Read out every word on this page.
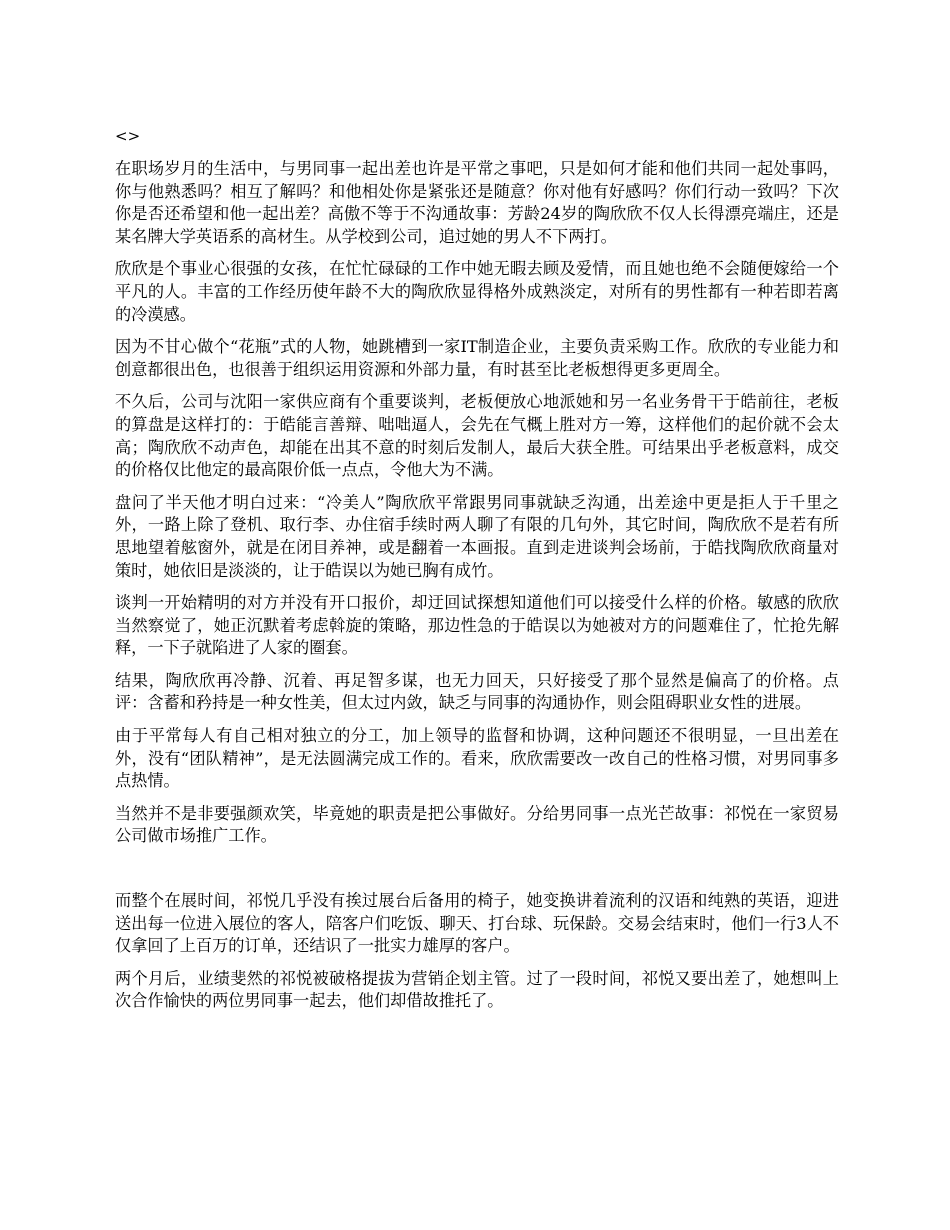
<>

在职场岁月的生活中，与男同事一起出差也许是平常之事吧，只是如何才能和他们共同一起处事吗，你与他熟悉吗？相互了解吗？和他相处你是紧张还是随意？你对他有好感吗？你们行动一致吗？下次你是否还希望和他一起出差？高傲不等于不沟通故事：芳龄24岁的陶欣欣不仅人长得漂亮端庄，还是某名牌大学英语系的高材生。从学校到公司，追过她的男人不下两打。

欣欣是个事业心很强的女孩，在忙忙碌碌的工作中她无暇去顾及爱情，而且她也绝不会随便嫁给一个平凡的人。丰富的工作经历使年龄不大的陶欣欣显得格外成熟淡定，对所有的男性都有一种若即若离的冷漠感。

因为不甘心做个“花瓶”式的人物，她跳槽到一家IT制造企业，主要负责采购工作。欣欣的专业能力和创意都很出色，也很善于组织运用资源和外部力量，有时甚至比老板想得更多更周全。

不久后，公司与沈阳一家供应商有个重要谈判，老板便放心地派她和另一名业务骨干于皓前往，老板的算盘是这样打的：于皓能言善辩、咄咄逼人，会先在气概上胜对方一筹，这样他们的起价就不会太高；陶欣欣不动声色，却能在出其不意的时刻后发制人，最后大获全胜。可结果出乎老板意料，成交的价格仅比他定的最高限价低一点点，令他大为不满。

盘问了半天他才明白过来：“冷美人”陶欣欣平常跟男同事就缺乏沟通，出差途中更是拒人于千里之外，一路上除了登机、取行李、办住宿手续时两人聊了有限的几句外，其它时间，陶欣欣不是若有所思地望着舷窗外，就是在闭目养神，或是翻着一本画报。直到走进谈判会场前，于皓找陶欣欣商量对策时，她依旧是淡淡的，让于皓误以为她已胸有成竹。

谈判一开始精明的对方并没有开口报价，却迂回试探想知道他们可以接受什么样的价格。敏感的欣欣当然察觉了，她正沉默着考虑斡旋的策略，那边性急的于皓误以为她被对方的问题难住了，忙抢先解释，一下子就陷进了人家的圈套。

结果，陶欣欣再冷静、沉着、再足智多谋，也无力回天，只好接受了那个显然是偏高了的价格。点评：含蓄和矜持是一种女性美，但太过内敛，缺乏与同事的沟通协作，则会阻碍职业女性的进展。

由于平常每人有自己相对独立的分工，加上领导的监督和协调，这种问题还不很明显，一旦出差在外，没有“团队精神”，是无法圆满完成工作的。看来，欣欣需要改一改自己的性格习惯，对男同事多点热情。

当然并不是非要强颜欢笑，毕竟她的职责是把公事做好。分给男同事一点光芒故事：祁悦在一家贸易公司做市场推广工作。

而整个在展时间，祁悦几乎没有挨过展台后备用的椅子，她变换讲着流利的汉语和纯熟的英语，迎进送出每一位进入展位的客人，陪客户们吃饭、聊天、打台球、玩保龄。交易会结束时，他们一行3人不仅拿回了上百万的订单，还结识了一批实力雄厚的客户。

两个月后，业绩斐然的祁悦被破格提拔为营销企划主管。过了一段时间，祁悦又要出差了，她想叫上次合作愉快的两位男同事一起去，他们却借故推托了。
